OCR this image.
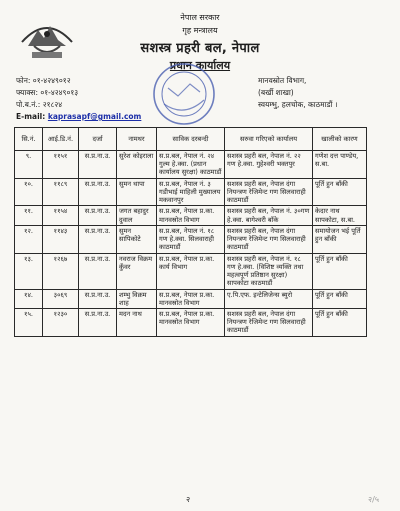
नेपाल सरकार
गृह मन्त्रालय
सशस्त्र प्रहरी बल, नेपाल
प्रधान कार्यालय
फोन: ०१-४२४९०१२
फ्याक्स: ०१-४२४९०१३
पो.ब.नं.: २१८२४
E-mail: kaprasapf@gmail.com
मानवस्रोत विभाग,
(बर्खी शाखा)
स्वयम्भु, हलचोक, काठमाडौं ।
सि.नं.	आई.डि.नं.	दर्जा	नामथर	साविक दरबन्दी	सरुवा गरिएको कार्यालय	खालीको कारण
९.	११५१	स.प्र.ना.उ.	सुरेश कोइराला	स.प्र.बल, नेपाल नं. २४ गुल्म हे.क्वा. (प्रधान कार्यालय सुरक्षा) काठमाडौं	सशस्त्र प्रहरी बल, नेपाल नं. २२ गण हे.क्वा. गुहेश्वरी भक्तपुर	गणेश दत्त पाण्डेय, स.बा.
१०.	११८९	स.प्र.ना.उ.	सुमन थापा	स.प्र.बल, नेपाल नं. ३ गडीभाई माहिली मुख्यालय मकवानपुर	सशस्त्र प्रहरी बल, नेपाल दंगा नियन्त्रण रेजिमेन्ट गण सिलवाराही काठमाडौं	पूर्ति हुन बाँकी
११.	११५४	स.प्र.ना.उ.	जगत बहादुर दुवाल	स.प्र.बल, नेपाल प्र.का. मानवस्रोत विभाग	सशस्त्र प्रहरी बल, नेपाल नं. ३०गण हे.क्वा. बागेश्वरी बाँके	केदार नाथ सापकोटा, स.बा.
१२.	११४३	स.प्र.ना.उ.	सुमन सापिकोटे	स.प्र.बल, नेपाल नं. १८ गण हे.क्वा. सिलवाराही काठमाडौं	सशस्त्र प्रहरी बल, नेपाल दंगा नियन्त्रण रेजिमेन्ट गण सिलवाराही काठमाडौं	समायोजन भई पूर्ति हुन बाँकी
१३.	१२६७	स.प्र.ना.उ.	नवराज विक्रम कुँवर	स.प्र.बल, नेपाल प्र.का. कार्य विभाग	सशस्त्र प्रहरी बल, नेपाल नं. १८ गण हे.क्वा. (विशिष्ट व्यक्ति तथा महत्वपूर्ण प्रतिष्ठान सुरक्षा) सापकोटा काठमाडौं	पूर्ति हुन बाँकी
१४.	३०६९	स.प्र.ना.उ.	शम्भु विक्रम शाह	स.प्र.बल, नेपाल प्र.का. मानवस्रोत विभाग	ए.पि.एफ. इन्टेलिजेन्स ब्युरो	पूर्ति हुन बाँकी
१५.	१२३०	स.प्र.ना.उ.	मदन नाथ	स.प्र.बल, नेपाल प्र.का. मानवस्रोत विभाग	सशस्त्र प्रहरी बल, नेपाल दंगा नियन्त्रण रेजिमेन्ट गण सिलवाराही काठमाडौं	पूर्ति हुन बाँकी
२	२/५
